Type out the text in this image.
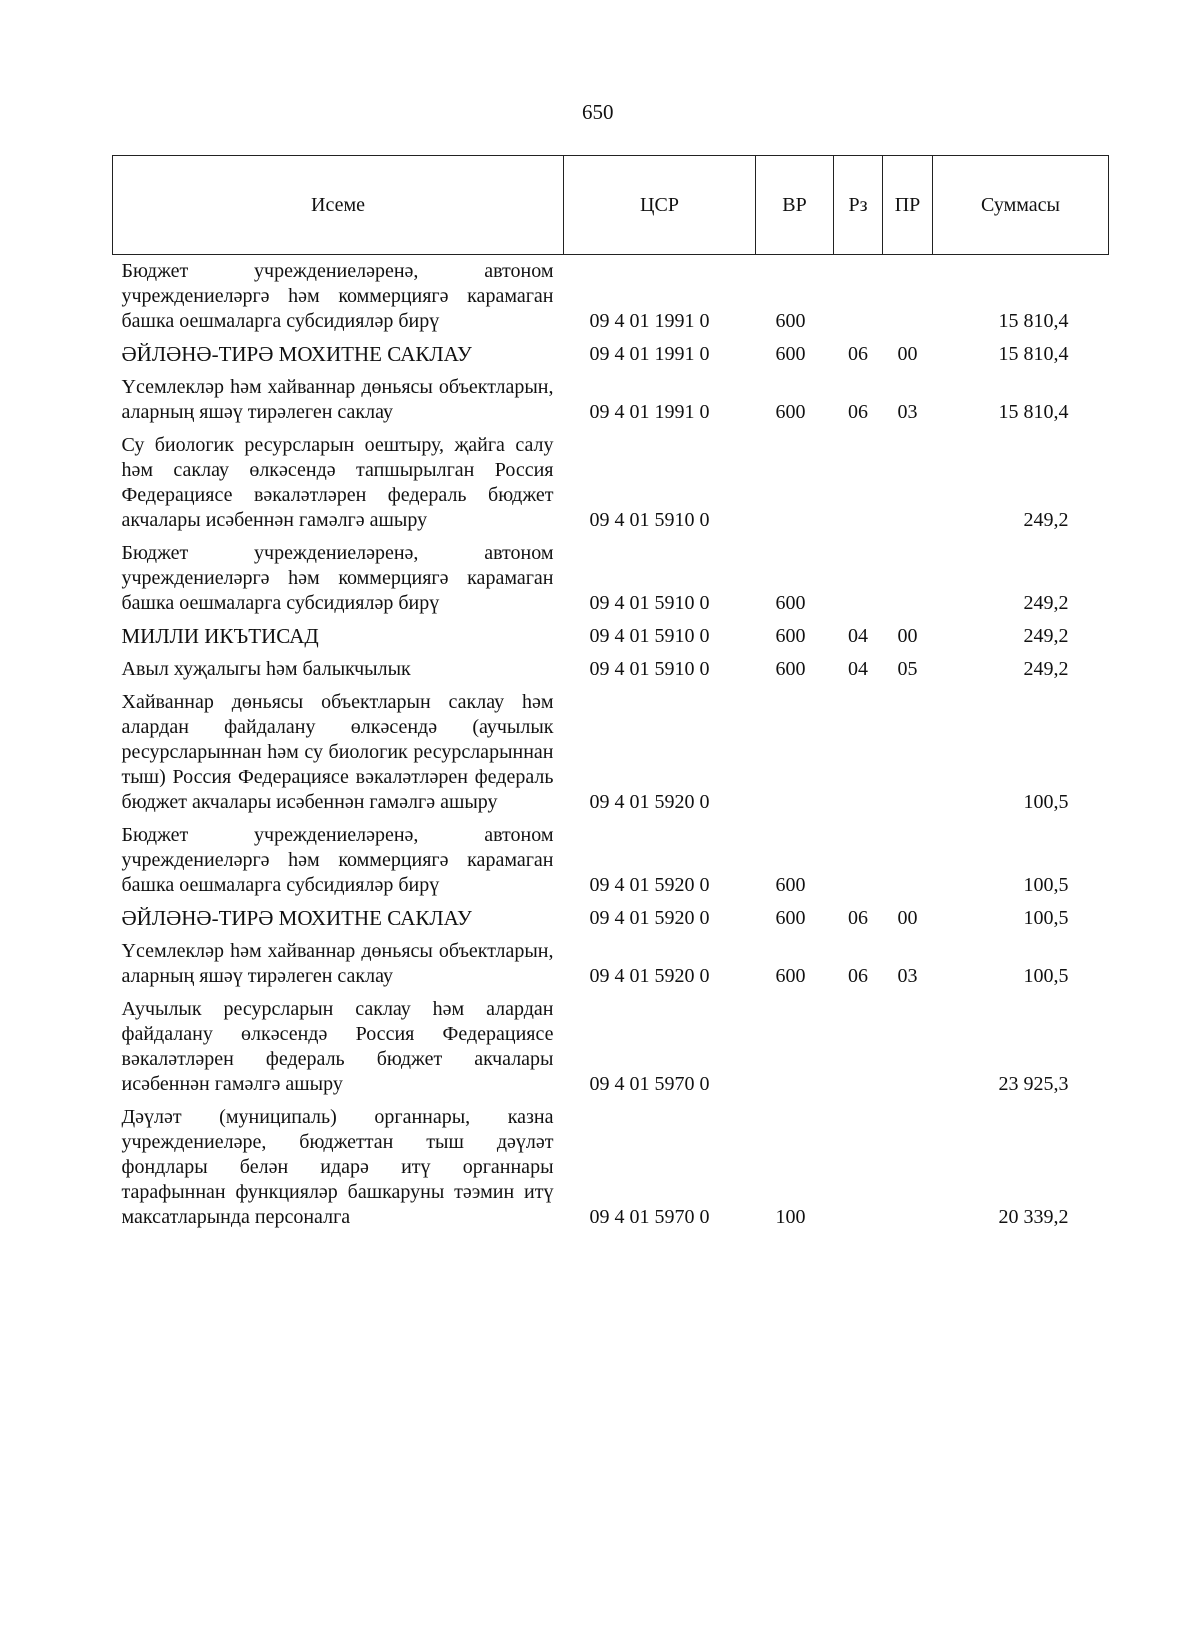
650
Исеме	ЦСР	ВР	Рз	ПР	Суммасы
Бюджет учреждениеләренә, автоном учреждениеләргә һәм коммерциягә карамаган башка оешмаларга субсидияләр бирү	09 4 01 1991 0	600			15 810,4
ӘЙЛӘНӘ-ТИРӘ МОХИТНЕ САКЛАУ	09 4 01 1991 0	600	06	00	15 810,4
Үсемлекләр һәм хайваннар дөньясы объектларын, аларның яшәү тирәлеген саклау	09 4 01 1991 0	600	06	03	15 810,4
Су биологик ресурсларын оештыру, җайга салу һәм саклау өлкәсендә тапшырылган Россия Федерациясе вәкаләтләрен федераль бюджет акчалары исәбеннән гамәлгә ашыру	09 4 01 5910 0				249,2
Бюджет учреждениеләренә, автоном учреждениеләргә һәм коммерциягә карамаган башка оешмаларга субсидияләр бирү	09 4 01 5910 0	600			249,2
МИЛЛИ ИКЪТИСАД	09 4 01 5910 0	600	04	00	249,2
Авыл хуҗалыгы һәм балыкчылык	09 4 01 5910 0	600	04	05	249,2
Хайваннар дөньясы объектларын саклау һәм алардан файдалану өлкәсендә (аучылык ресурсларыннан һәм су биологик ресурсларыннан тыш) Россия Федерациясе вәкаләтләрен федераль бюджет акчалары исәбеннән гамәлгә ашыру	09 4 01 5920 0				100,5
Бюджет учреждениеләренә, автоном учреждениеләргә һәм коммерциягә карамаган башка оешмаларга субсидияләр бирү	09 4 01 5920 0	600			100,5
ӘЙЛӘНӘ-ТИРӘ МОХИТНЕ САКЛАУ	09 4 01 5920 0	600	06	00	100,5
Үсемлекләр һәм хайваннар дөньясы объектларын, аларның яшәү тирәлеген саклау	09 4 01 5920 0	600	06	03	100,5
Аучылык ресурсларын саклау һәм алардан файдалану өлкәсендә Россия Федерациясе вәкаләтләрен федераль бюджет акчалары исәбеннән гамәлгә ашыру	09 4 01 5970 0				23 925,3
Дәүләт (муниципаль) органнары, казна учреждениеләре, бюджеттан тыш дәүләт фондлары белән идарә итү органнары тарафыннан функцияләр башкаруны тәэмин итү максатларында персоналга	09 4 01 5970 0	100			20 339,2
